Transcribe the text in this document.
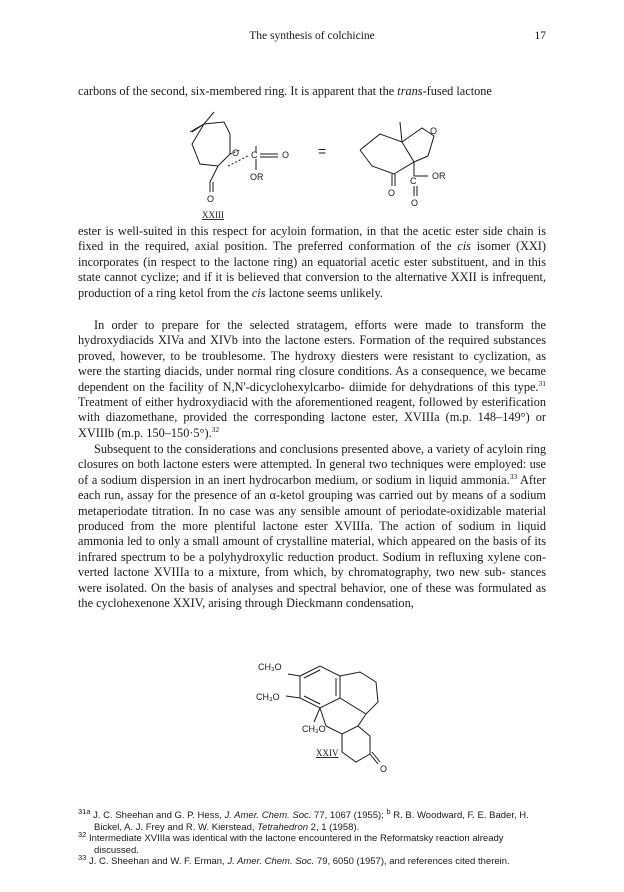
The synthesis of colchicine	17

carbons of the second, six-membered ring. It is apparent that the trans-fused lactone

O C	O
OR
O
=
O
C OR
O
O
XXIII

ester is well-suited in this respect for acyloin formation, in that the acetic ester side chain is fixed in the required, axial position. The preferred conformation of the cis isomer (XXI) incorporates (in respect to the lactone ring) an equatorial acetic ester substituent, and in this state cannot cyclize; and if it is believed that conversion to the alternative XXII is infrequent, production of a ring ketol from the cis lactone seems unlikely.

In order to prepare for the selected stratagem, efforts were made to transform the hydroxydiacids XIVa and XIVb into the lactone esters. Formation of the required substances proved, however, to be troublesome. The hydroxy diesters were resistant to cyclization, as were the starting diacids, under normal ring closure conditions. As a consequence, we became dependent on the facility of N,N'-dicyclohexylcarbo- diimide for dehydrations of this type.$^{31}$ Treatment of either hydroxydiacid with the aforementioned reagent, followed by esterification with diazomethane, provided the corresponding lactone ester, XVIIIa (m.p. 148–149°) or XVIIIb (m.p. 150–150·5°).$^{32}$

Subsequent to the considerations and conclusions presented above, a variety of acyloin ring closures on both lactone esters were attempted. In general two techniques were employed: use of a sodium dispersion in an inert hydrocarbon medium, or sodium in liquid ammonia.$^{33}$ After each run, assay for the presence of an α-ketol grouping was carried out by means of a sodium metaperiodate titration. In no case was any sensible amount of periodate-oxidizable material produced from the more plentiful lactone ester XVIIIa. The action of sodium in liquid ammonia led to only a small amount of crystalline material, which appeared on the basis of its infrared spectrum to be a polyhydroxylic reduction product. Sodium in refluxing xylene con- verted lactone XVIIIa to a mixture, from which, by chromatography, two new sub- stances were isolated. On the basis of analyses and spectral behavior, one of these was formulated as the cyclohexenone XXIV, arising through Dieckmann condensation,

CH₃O
CH₃O
CH₃O
O
XXIV
$^{31a}$ J. C. Sheehan and G. P. Hess, J. Amer. Chem. Soc. 77, 1067 (1955); $^b$ R. B. Woodward, F. E. Bader, H. Bickel, A. J. Frey and R. W. Kierstead, Tetrahedron 2, 1 (1958).
$^{32}$ Intermediate XVIIIa was identical with the lactone encountered in the Reformatsky reaction already discussed.
$^{33}$ J. C. Sheehan and W. F. Erman, J. Amer. Chem. Soc. 79, 6050 (1957), and references cited therein.
